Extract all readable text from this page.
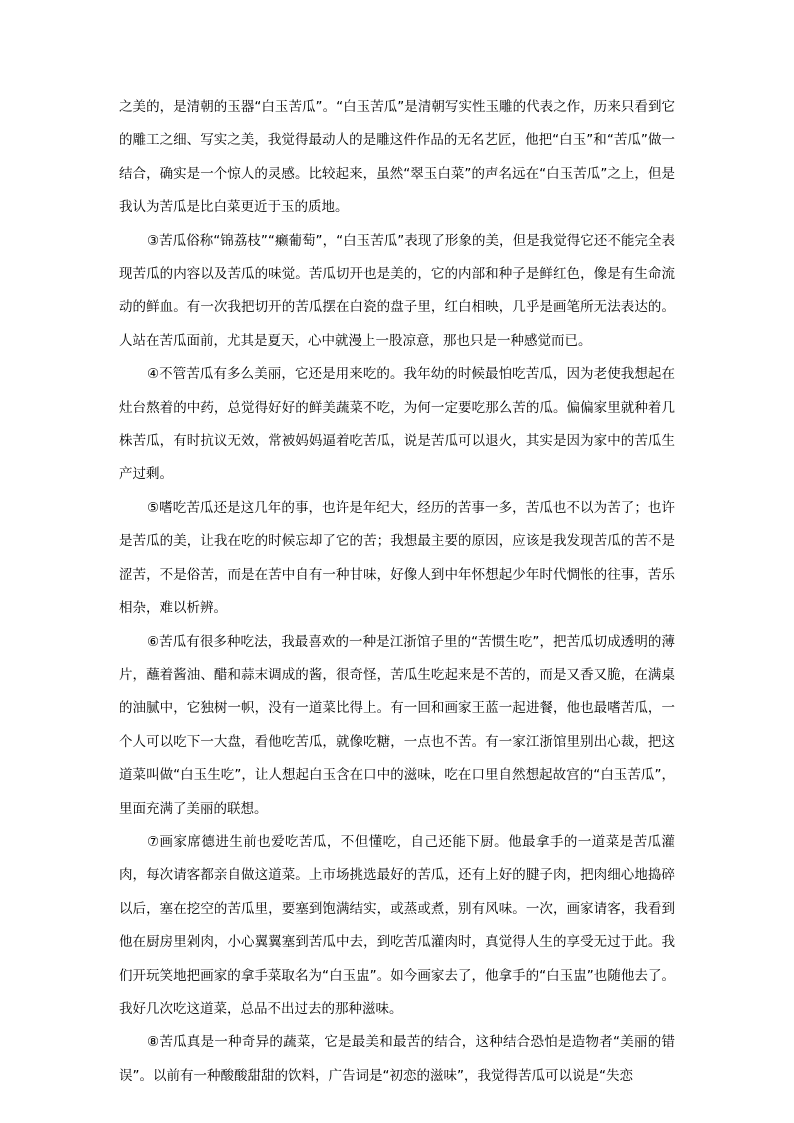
之美的，是清朝的玉器“白玉苦瓜”。“白玉苦瓜”是清朝写实性玉雕的代表之作，历来只看到它的雕工之细、写实之美，我觉得最动人的是雕这件作品的无名艺匠，他把“白玉”和“苦瓜”做一结合，确实是一个惊人的灵感。比较起来，虽然“翠玉白菜”的声名远在“白玉苦瓜”之上，但是我认为苦瓜是比白菜更近于玉的质地。

③苦瓜俗称“锦荔枝”“癞葡萄”，“白玉苦瓜”表现了形象的美，但是我觉得它还不能完全表现苦瓜的内容以及苦瓜的味觉。苦瓜切开也是美的，它的内部和种子是鲜红色，像是有生命流动的鲜血。有一次我把切开的苦瓜摆在白瓷的盘子里，红白相映，几乎是画笔所无法表达的。人站在苦瓜面前，尤其是夏天，心中就漫上一股凉意，那也只是一种感觉而已。

④不管苦瓜有多么美丽，它还是用来吃的。我年幼的时候最怕吃苦瓜，因为老使我想起在灶台熬着的中药，总觉得好好的鲜美蔬菜不吃，为何一定要吃那么苦的瓜。偏偏家里就种着几株苦瓜，有时抗议无效，常被妈妈逼着吃苦瓜，说是苦瓜可以退火，其实是因为家中的苦瓜生产过剩。

⑤嗜吃苦瓜还是这几年的事，也许是年纪大，经历的苦事一多，苦瓜也不以为苦了；也许是苦瓜的美，让我在吃的时候忘却了它的苦；我想最主要的原因，应该是我发现苦瓜的苦不是涩苦，不是俗苦，而是在苦中自有一种甘味，好像人到中年怀想起少年时代惆怅的往事，苦乐相杂，难以析辨。

⑥苦瓜有很多种吃法，我最喜欢的一种是江浙馆子里的“苦惯生吃”，把苦瓜切成透明的薄片，蘸着酱油、醋和蒜末调成的酱，很奇怪，苦瓜生吃起来是不苦的，而是又香又脆，在满桌的油腻中，它独树一帜，没有一道菜比得上。有一回和画家王蓝一起进餐，他也最嗜苦瓜，一个人可以吃下一大盘，看他吃苦瓜，就像吃糖，一点也不苦。有一家江浙馆里别出心裁，把这道菜叫做“白玉生吃”，让人想起白玉含在口中的滋味，吃在口里自然想起故宫的“白玉苦瓜”，里面充满了美丽的联想。

⑦画家席德进生前也爱吃苦瓜，不但懂吃，自己还能下厨。他最拿手的一道菜是苦瓜灌肉，每次请客都亲自做这道菜。上市场挑选最好的苦瓜，还有上好的腱子肉，把肉细心地捣碎以后，塞在挖空的苦瓜里，要塞到饱满结实，或蒸或煮，别有风味。一次，画家请客，我看到他在厨房里剁肉，小心翼翼塞到苦瓜中去，到吃苦瓜灌肉时，真觉得人生的享受无过于此。我们开玩笑地把画家的拿手菜取名为“白玉盅”。如今画家去了，他拿手的“白玉盅”也随他去了。我好几次吃这道菜，总品不出过去的那种滋味。

⑧苦瓜真是一种奇异的蔬菜，它是最美和最苦的结合，这种结合恐怕是造物者“美丽的错误”。以前有一种酸酸甜甜的饮料，广告词是“初恋的滋味”，我觉得苦瓜可以说是“失恋
